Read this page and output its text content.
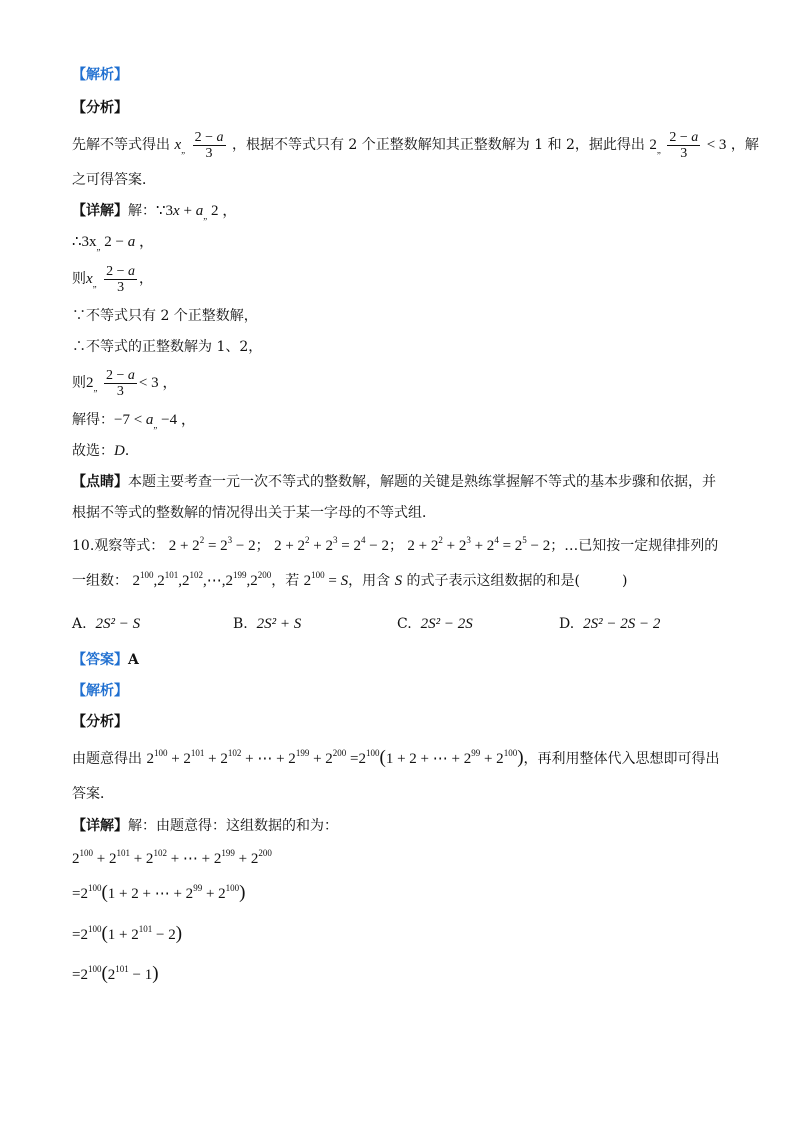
【解析】
【分析】
先解不等式得出 $x_„ \frac{2 - a}{3}$ ，根据不等式只有 2 个正整数解知其正整数解为 1 和 2，据此得出 $2_„ \frac{2 - a}{3} < 3$ ，解
之可得答案．
【详解】解：∵3x + $a_„$ 2 ，
$\therefore 3x_„$ 2 − a ，
则$x_„ \frac{2 - a}{3}$ ，
∵不等式只有 2 个正整数解，
∴不等式的正整数解为 1、2，
则$2_„ \frac{2 - a}{3} < 3$ ，
解得：$-7 < a_„ -4$ ，
故选：D．
【点睛】本题主要考查一元一次不等式的整数解，解题的关键是熟练掌握解不等式的基本步骤和依据，并
根据不等式的整数解的情况得出关于某一字母的不等式组．
10.观察等式： $2 + 2^2 = 2^3 - 2$； $2 + 2^2 + 2^3 = 2^4 - 2$； $2 + 2^2 + 2^3 + 2^4 = 2^5 - 2$；…已知按一定规律排列的
一组数： $2^{100},2^{101},2^{102},\cdots,2^{199},2^{200}$，若 $2^{100} = S$，用含 S 的式子表示这组数据的和是(　　　)
A. 2S² − S	B. 2S² + S	C. 2S² − 2S	D. 2S² − 2S − 2
【答案】A
【解析】
【分析】
由题意得出 $2^{100} + 2^{101} + 2^{102}$ + ⋯ + $2^{199} + 2^{200} =2^{100}(1 + 2$ + ⋯ + $2^{99} + 2^{100}$)，再利用整体代入思想即可得出
答案．
【详解】解：由题意得：这组数据的和为：
$2^{100} + 2^{101} + 2^{102}$ + ⋯ + $2^{199} + 2^{200}$
$=2^{100}(1 + 2$ + ⋯ + $2^{99} + 2^{100}$)
$=2^{100}(1 + 2^{101} - 2)$
$=2^{100}(2^{101} - 1)$
